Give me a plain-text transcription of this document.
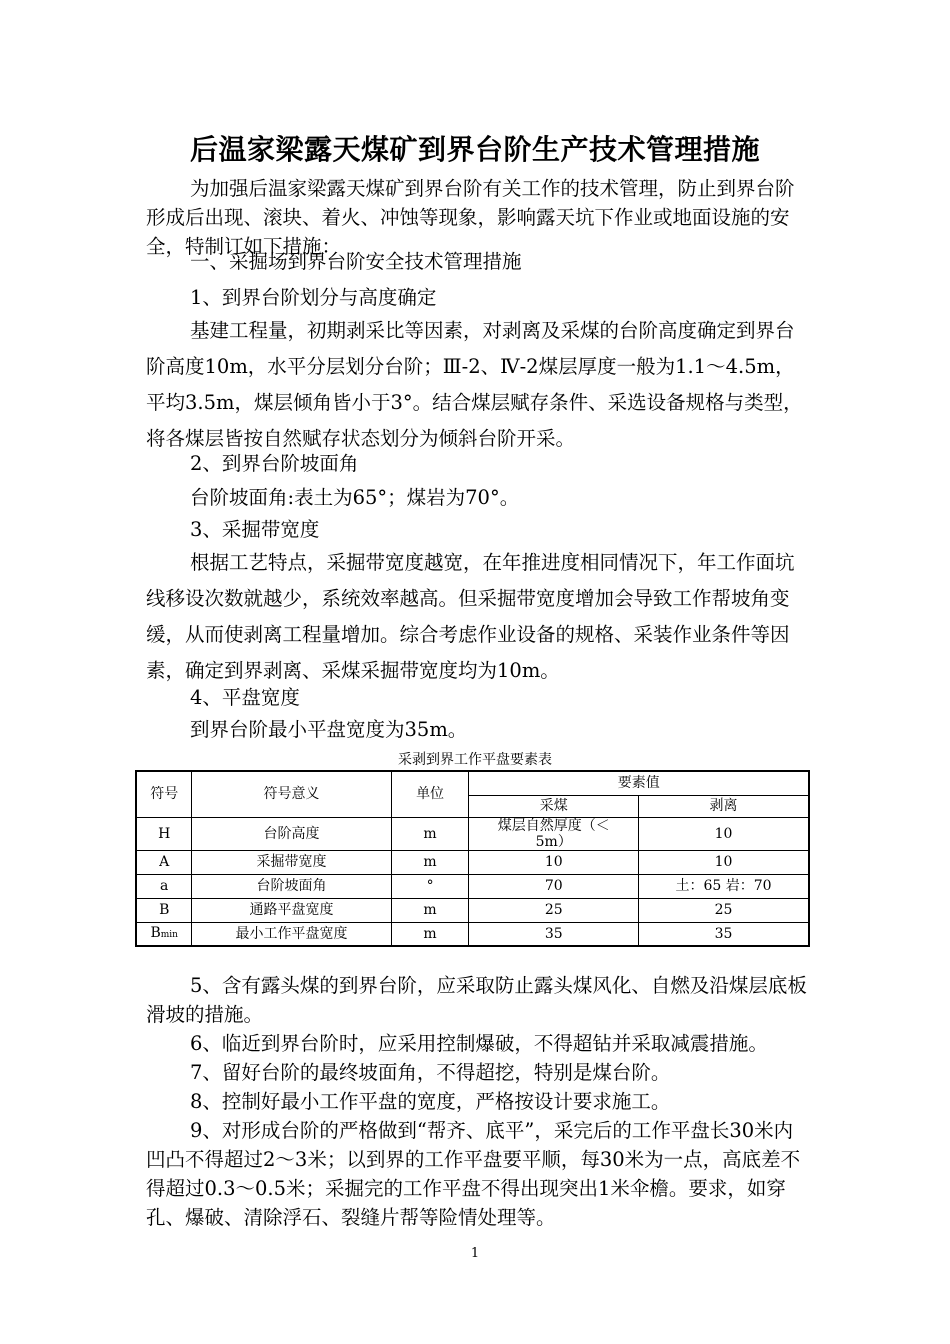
后温家梁露天煤矿到界台阶生产技术管理措施
为加强后温家梁露天煤矿到界台阶有关工作的技术管理，防止到界台阶形成后出现、滚块、着火、冲蚀等现象，影响露天坑下作业或地面设施的安全，特制订如下措施：
一、采掘场到界台阶安全技术管理措施
1、到界台阶划分与高度确定
基建工程量，初期剥采比等因素，对剥离及采煤的台阶高度确定到界台阶高度10m，水平分层划分台阶；Ⅲ-2、Ⅳ-2煤层厚度一般为1.1～4.5m，平均3.5m，煤层倾角皆小于3°。结合煤层赋存条件、采选设备规格与类型，将各煤层皆按自然赋存状态划分为倾斜台阶开采。
2、到界台阶坡面角
台阶坡面角:表土为65°；煤岩为70°。
3、采掘带宽度
根据工艺特点，采掘带宽度越宽，在年推进度相同情况下，年工作面坑线移设次数就越少，系统效率越高。但采掘带宽度增加会导致工作帮坡角变缓，从而使剥离工程量增加。综合考虑作业设备的规格、采装作业条件等因素，确定到界剥离、采煤采掘带宽度均为10m。
4、平盘宽度
到界台阶最小平盘宽度为35m。
采剥到界工作平盘要素表
符号	符号意义	单位	要素值	
			采煤	剥离
H	台阶高度	m	煤层自然厚度（＜5m）	10
A	采掘带宽度	m	10	10
a	台阶坡面角	°	70	土：65 岩：70
B	通路平盘宽度	m	25	25
Bmin	最小工作平盘宽度	m	35	35
5、含有露头煤的到界台阶，应采取防止露头煤风化、自燃及沿煤层底板滑坡的措施。
6、临近到界台阶时，应采用控制爆破，不得超钻并采取减震措施。
7、留好台阶的最终坡面角，不得超挖，特别是煤台阶。
8、控制好最小工作平盘的宽度，严格按设计要求施工。
9、对形成台阶的严格做到“帮齐、底平”，采完后的工作平盘长30米内凹凸不得超过2～3米；以到界的工作平盘要平顺，每30米为一点，高底差不得超过0.3～0.5米；采掘完的工作平盘不得出现突出1米伞檐。要求，如穿孔、爆破、清除浮石、裂缝片帮等险情处理等。
1
